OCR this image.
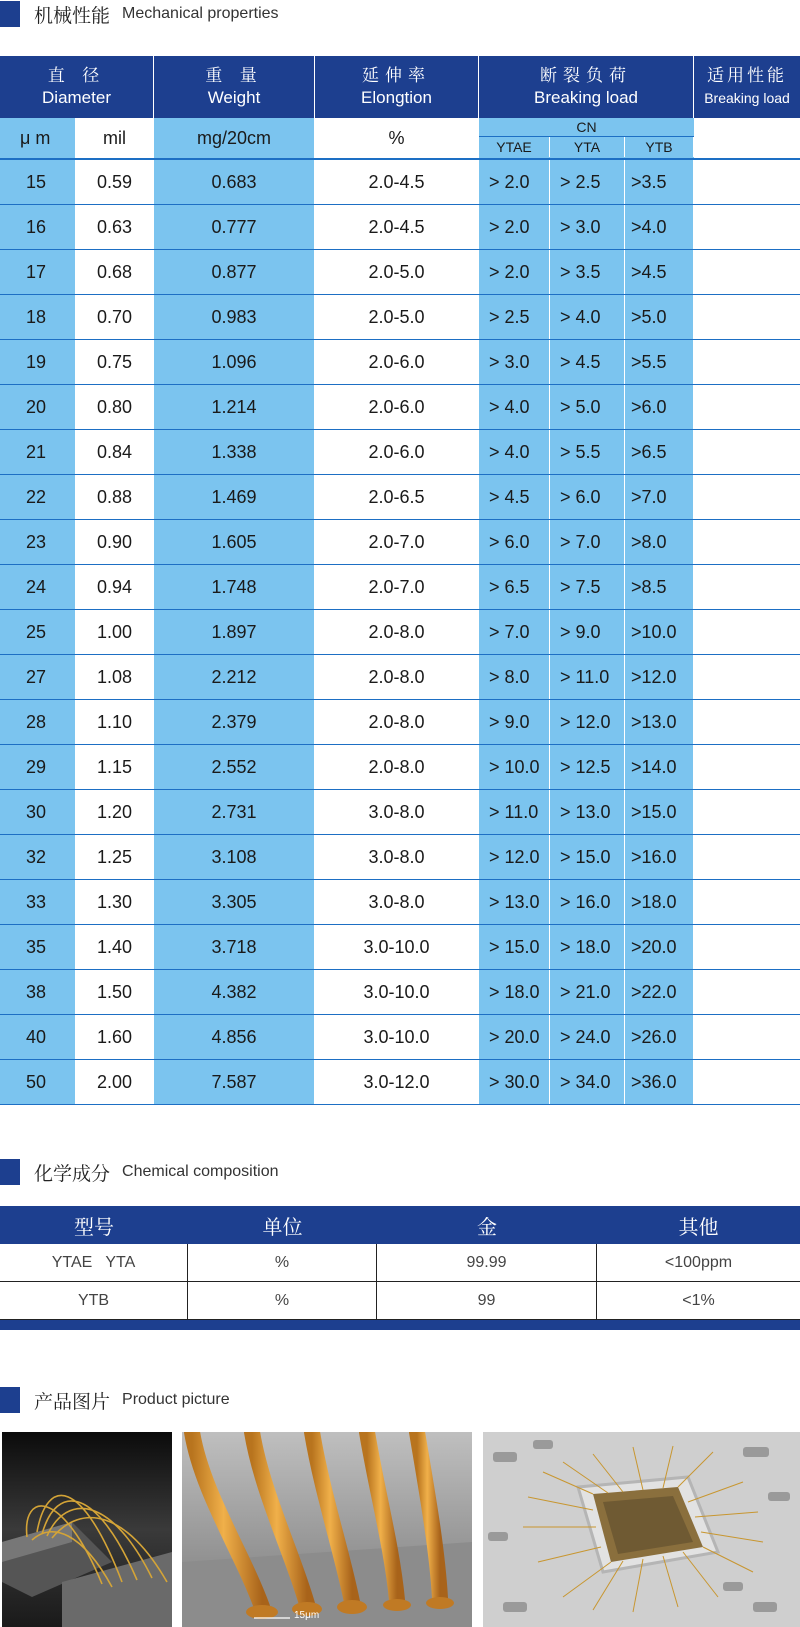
机械性能 Mechanical properties
直 径
Diameter
重 量
Weight
延伸率
Elongtion
断裂负荷
Breaking load
适用性能
Breaking load
μ m	mil	mg/20cm	%
CN
YTAE	YTA	YTB
15	0.59	0.683	2.0-4.5	> 2.0	> 2.5	>3.5
16	0.63	0.777	2.0-4.5	> 2.0	> 3.0	>4.0
17	0.68	0.877	2.0-5.0	> 2.0	> 3.5	>4.5
18	0.70	0.983	2.0-5.0	> 2.5	> 4.0	>5.0
19	0.75	1.096	2.0-6.0	> 3.0	> 4.5	>5.5
20	0.80	1.214	2.0-6.0	> 4.0	> 5.0	>6.0
21	0.84	1.338	2.0-6.0	> 4.0	> 5.5	>6.5
22	0.88	1.469	2.0-6.5	> 4.5	> 6.0	>7.0
23	0.90	1.605	2.0-7.0	> 6.0	> 7.0	>8.0
24	0.94	1.748	2.0-7.0	> 6.5	> 7.5	>8.5
25	1.00	1.897	2.0-8.0	> 7.0	> 9.0	>10.0
27	1.08	2.212	2.0-8.0	> 8.0	> 11.0	>12.0
28	1.10	2.379	2.0-8.0	> 9.0	> 12.0	>13.0
29	1.15	2.552	2.0-8.0	> 10.0	> 12.5	>14.0
30	1.20	2.731	3.0-8.0	> 11.0	> 13.0	>15.0
32	1.25	3.108	3.0-8.0	> 12.0	> 15.0	>16.0
33	1.30	3.305	3.0-8.0	> 13.0	> 16.0	>18.0
35	1.40	3.718	3.0-10.0	> 15.0	> 18.0	>20.0
38	1.50	4.382	3.0-10.0	> 18.0	> 21.0	>22.0
40	1.60	4.856	3.0-10.0	> 20.0	> 24.0	>26.0
50	2.00	7.587	3.0-12.0	> 30.0	> 34.0	>36.0
化学成分 Chemical composition
型号	单位	金	其他
YTAE   YTA	%	99.99	<100ppm
YTB	%	99	<1%
产品图片 Product picture
15μm
